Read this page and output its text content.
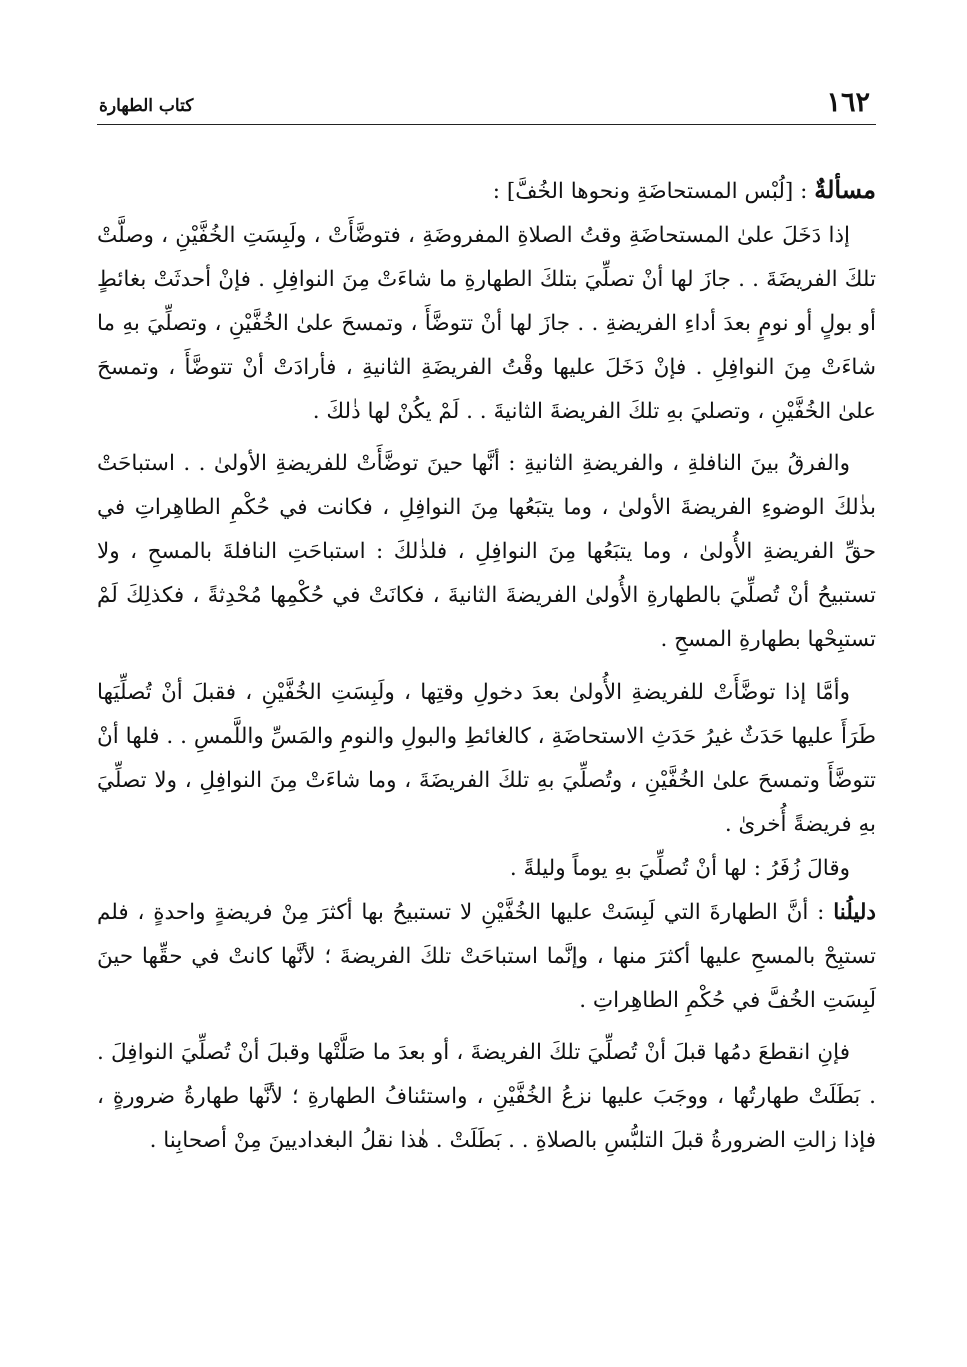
١٦٢
كتاب الطهارة

مسألةٌ : [لُبْس المستحاضَةِ ونحوها الخُفَّ] :

إذا دَخَلَ علىٰ المستحاضَةِ وقتُ الصلاةِ المفروضَةِ ، فتوضَّأَتْ ، ولَبِسَتِ الخُفَّيْنِ ، وصلَّتْ تلكَ الفريضَةَ . . جازَ لها أنْ تصلِّيَ بتلكَ الطهارةِ ما شاءَتْ مِنَ النوافِلِ . فإنْ أحدثَتْ بغائطٍ أو بولٍ أو نومٍ بعدَ أداءِ الفريضةِ . . جازَ لها أنْ تتوضَّأَ ، وتمسحَ علىٰ الخُفَّيْنِ ، وتصلِّيَ بهِ ما شاءَتْ مِنَ النوافِلِ . فإنْ دَخَلَ عليها وقْتُ الفريضَةِ الثانيةِ ، فأرادَتْ أنْ تتوضَّأَ ، وتمسحَ علىٰ الخُفَّيْنِ ، وتصليَ بهِ تلكَ الفريضةَ الثانيةَ . . لَمْ يكُنْ لها ذٰلكَ .

والفرقُ بينَ النافلةِ ، والفريضةِ الثانيةِ : أنَّها حينَ توضَّأَتْ للفريضةِ الأولىٰ . . استباحَتْ بذٰلكَ الوضوءِ الفريضةَ الأولىٰ ، وما يتبَعُها مِنَ النوافِلِ ، فكانت في حُكْمِ الطاهِراتِ في حقِّ الفريضةِ الأُولىٰ ، وما يتبَعُها مِنَ النوافِلِ ، فلذٰلكَ : استباحَتِ النافلةَ بالمسحِ ، ولا تستبيحُ أنْ تُصلِّيَ بالطهارةِ الأُولىٰ الفريضةَ الثانيةَ ، فكانَتْ في حُكْمِها مُحْدِثةً ، فكذلِكَ لَمْ تستبِحْها بطهارةِ المسحِ .

وأمَّا إذا توضَّأَتْ للفريضةِ الأُولىٰ بعدَ دخولِ وقتِها ، ولَبِسَتِ الخُفَّيْنِ ، فقبلَ أنْ تُصلِّيَها طَرَأَ عليها حَدَثٌ غيرُ حَدَثِ الاستحاضَةِ ، كالغائطِ والبولِ والنومِ والمَسِّ واللَّمسِ . . فلها أنْ تتوضَّأَ وتمسحَ علىٰ الخُفَّيْنِ ، وتُصلِّيَ بهِ تلكَ الفريضَةَ ، وما شاءَتْ مِنَ النوافِلِ ، ولا تصلِّيَ بهِ فريضةً أُخرىٰ .

وقالَ زُفَرُ : لها أنْ تُصلِّيَ بهِ يوماً وليلةً .

دليلُنا : أنَّ الطهارةَ التي لَبِسَتْ عليها الخُفَّيْنِ لا تستبيحُ بها أكثرَ مِنْ فريضةٍ واحدةٍ ، فلم تستبِحْ بالمسحِ عليها أكثرَ منها ، وإنَّما استباحَتْ تلكَ الفريضةَ ؛ لأنَّها كانتْ في حقِّها حينَ لَبِسَتِ الخُفَّ في حُكْمِ الطاهِراتِ .

فإنِ انقطعَ دمُها قبلَ أنْ تُصلِّيَ تلكَ الفريضةَ ، أو بعدَ ما صَلَّتْها وقبلَ أنْ تُصلِّيَ النوافِلَ . . بَطَلَتْ طهارتُها ، ووجَبَ عليها نزعُ الخُفَّيْنِ ، واستئنافُ الطهارةِ ؛ لأنَّها طهارةُ ضرورةٍ ، فإذا زالتِ الضرورةُ قبلَ التلبُّسِ بالصلاةِ . . بَطَلَتْ . هٰذا نقلُ البغداديينَ مِنْ أصحابِنا .
